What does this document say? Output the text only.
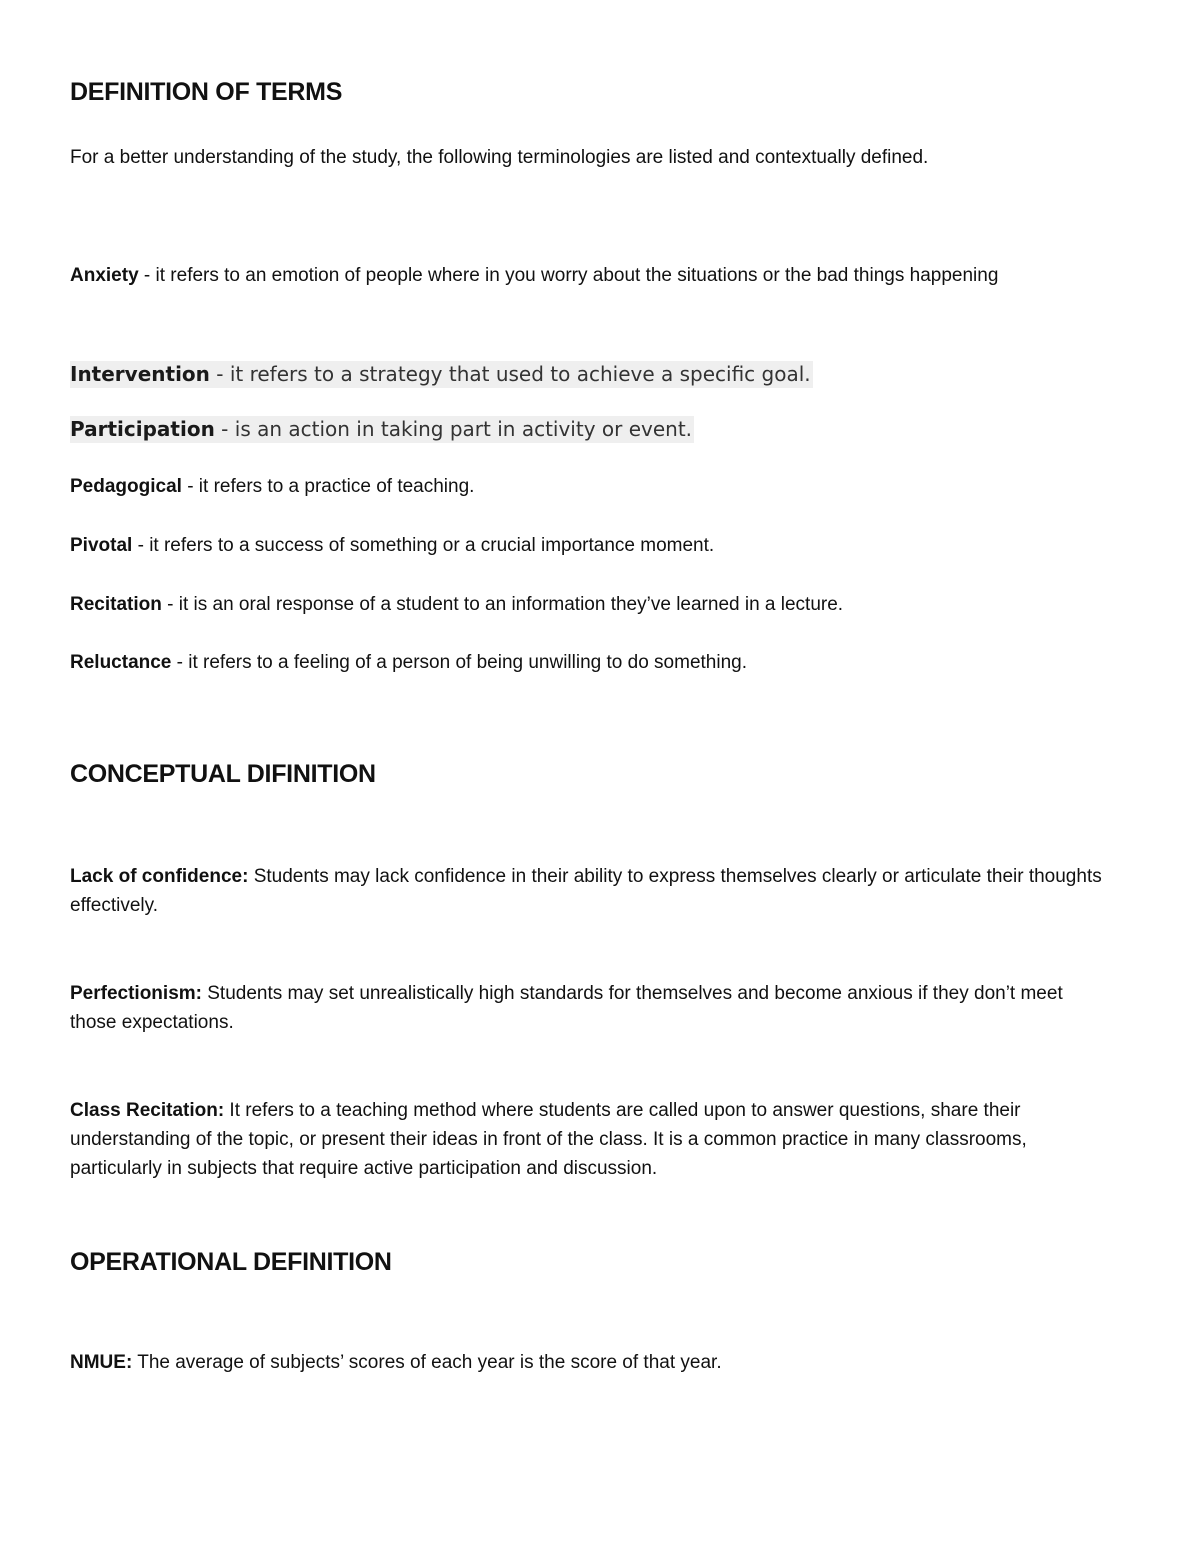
DEFINITION OF TERMS
For a better understanding of the study, the following terminologies are listed and contextually defined.
Anxiety - it refers to an emotion of people where in you worry about the situations or the bad things happening
Intervention - it refers to a strategy that used to achieve a specific goal.
Participation - is an action in taking part in activity or event.
Pedagogical - it refers to a practice of teaching.
Pivotal - it refers to a success of something or a crucial importance moment.
Recitation - it is an oral response of a student to an information they’ve learned in a lecture.
Reluctance - it refers to a feeling of a person of being unwilling to do something.
CONCEPTUAL DIFINITION
Lack of confidence: Students may lack confidence in their ability to express themselves clearly or articulate their thoughts effectively.
Perfectionism: Students may set unrealistically high standards for themselves and become anxious if they don’t meet those expectations.
Class Recitation: It refers to a teaching method where students are called upon to answer questions, share their understanding of the topic, or present their ideas in front of the class. It is a common practice in many classrooms, particularly in subjects that require active participation and discussion.
OPERATIONAL DEFINITION
NMUE: The average of subjects’ scores of each year is the score of that year.
